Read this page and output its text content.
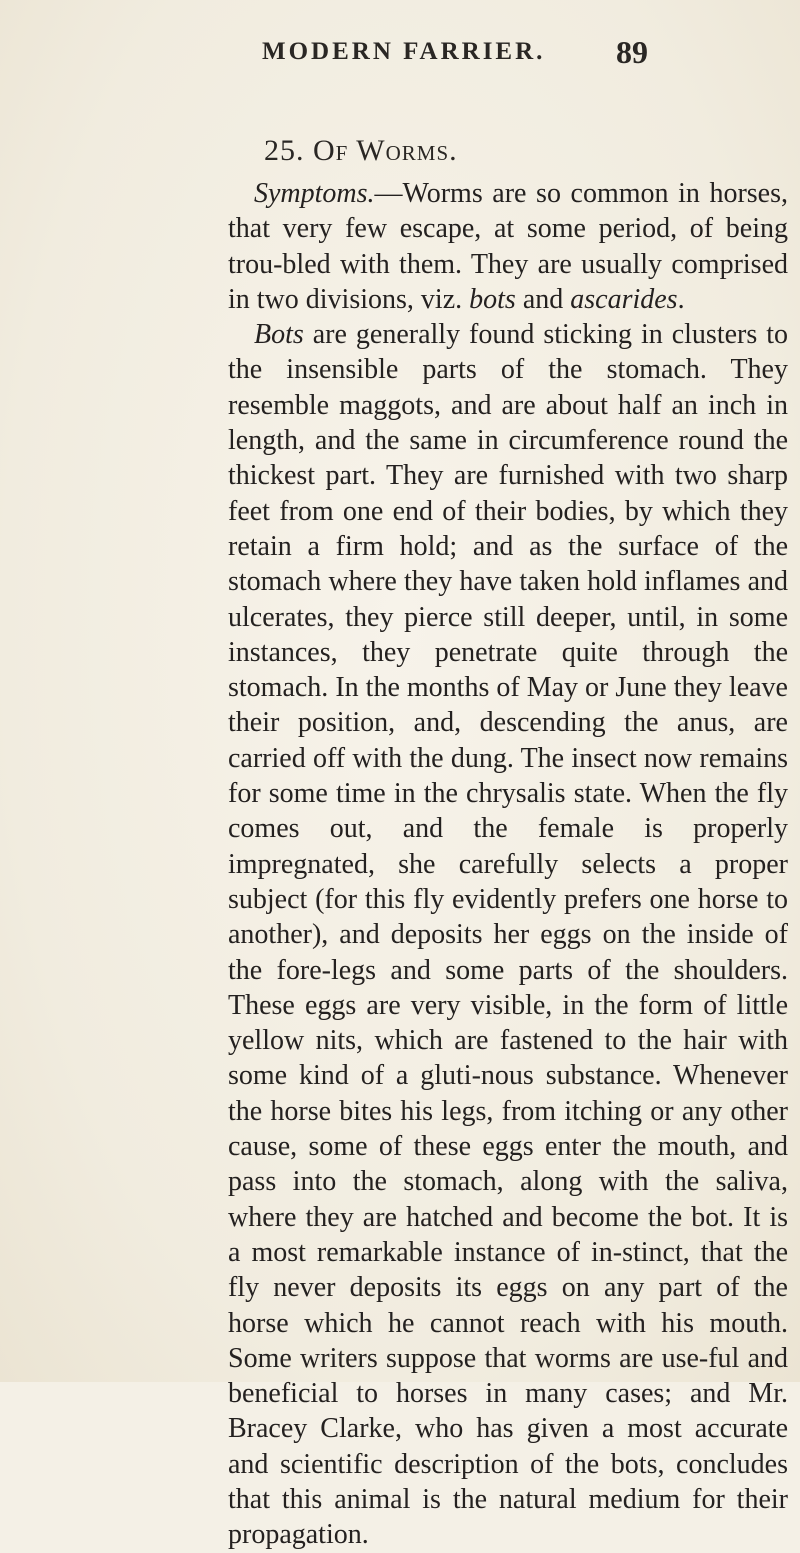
MODERN FARRIER. 89
25. Of Worms.

Symptoms.—Worms are so common in horses, that very few escape, at some period, of being trou-bled with them. They are usually comprised in two divisions, viz. bots and ascarides.

Bots are generally found sticking in clusters to the insensible parts of the stomach. They resemble maggots, and are about half an inch in length, and the same in circumference round the thickest part. They are furnished with two sharp feet from one end of their bodies, by which they retain a firm hold; and as the surface of the stomach where they have taken hold inflames and ulcerates, they pierce still deeper, until, in some instances, they penetrate quite through the stomach. In the months of May or June they leave their position, and, descending the anus, are carried off with the dung. The insect now remains for some time in the chrysalis state. When the fly comes out, and the female is properly impregnated, she carefully selects a proper subject (for this fly evidently prefers one horse to another), and deposits her eggs on the inside of the fore-legs and some parts of the shoulders. These eggs are very visible, in the form of little yellow nits, which are fastened to the hair with some kind of a gluti-nous substance. Whenever the horse bites his legs, from itching or any other cause, some of these eggs enter the mouth, and pass into the stomach, along with the saliva, where they are hatched and become the bot. It is a most remarkable instance of in-stinct, that the fly never deposits its eggs on any part of the horse which he cannot reach with his mouth. Some writers suppose that worms are use-ful and beneficial to horses in many cases; and Mr. Bracey Clarke, who has given a most accurate and scientific description of the bots, concludes that this animal is the natural medium for their propagation.
